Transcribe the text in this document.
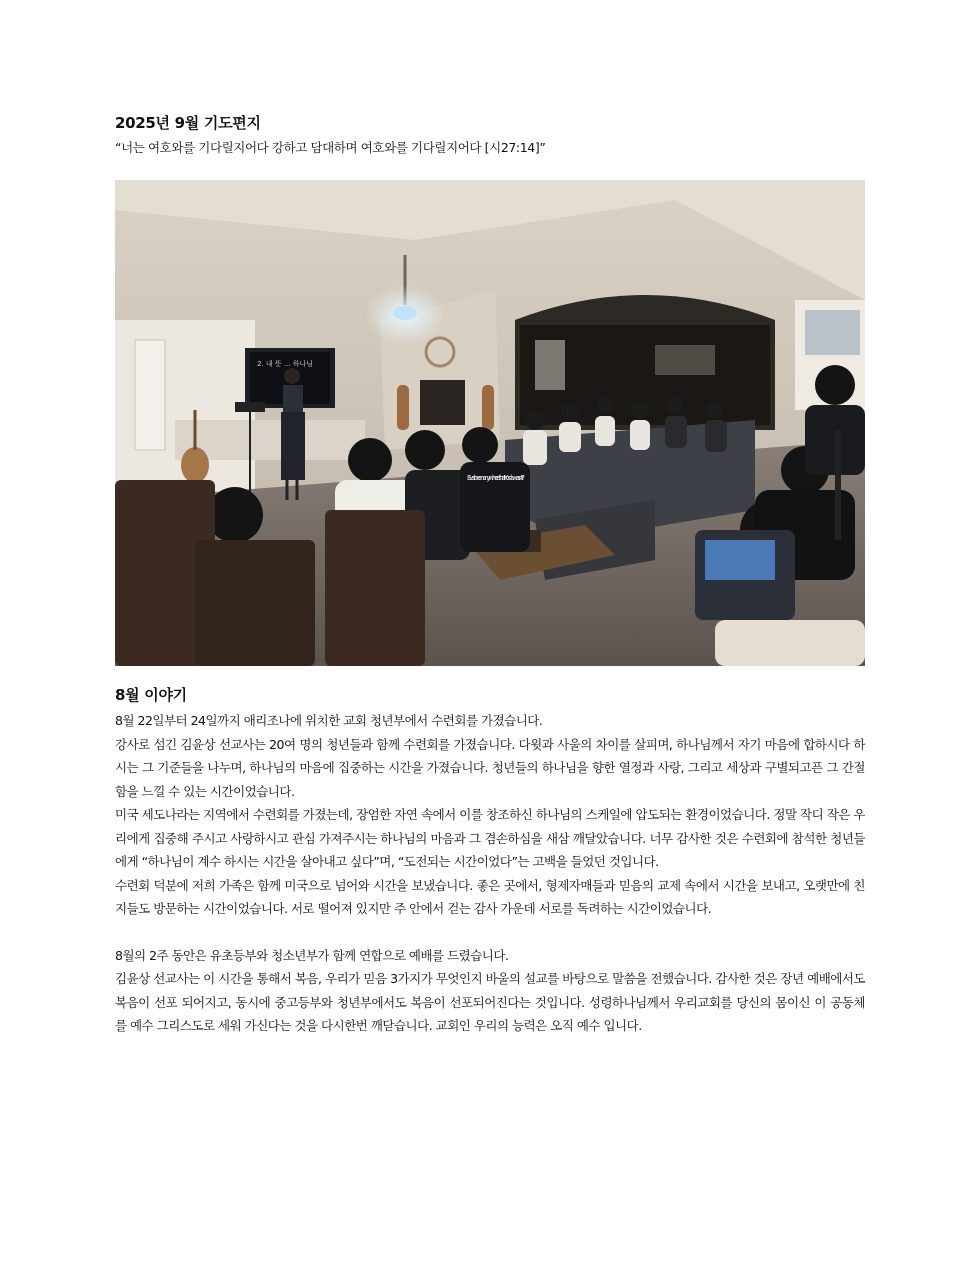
2025년 9월 기도편지

“너는 여호와를 기다릴지어다 강하고 담대하며 여호와를 기다릴지어다 [시27:14]”

2. 내 뜻 ... 하나님
Ever been anywhere that Koda wasn't?
8월 이야기

8월 22일부터 24일까지 애리조나에 위치한 교회 청년부에서 수련회를 가졌습니다.

강사로 섬긴 김윤상 선교사는 20여 명의 청년들과 함께 수련회를 가졌습니다. 다윗과 사울의 차이를 살피며, 하나님께서 자기 마음에 합하시다 하시는 그 기준들을 나누며, 하나님의 마음에 집중하는 시간을 가졌습니다. 청년들의 하나님을 향한 열정과 사랑, 그리고 세상과 구별되고픈 그 간절함을 느낄 수 있는 시간이었습니다.

미국 세도나라는 지역에서 수련회를 가졌는데, 장엄한 자연 속에서 이를 창조하신 하나님의 스케일에 압도되는 환경이었습니다. 정말 작디 작은 우리에게 집중해 주시고 사랑하시고 관심 가져주시는 하나님의 마음과 그 겸손하심을 새삼 깨달았습니다. 너무 감사한 것은 수련회에 참석한 청년들에게 “하나님이 계수 하시는 시간을 살아내고 싶다”며, “도전되는 시간이었다”는 고백을 들었던 것입니다.

수련회 덕분에 저희 가족은 함께 미국으로 넘어와 시간을 보냈습니다. 좋은 곳에서, 형제자매들과 믿음의 교제 속에서 시간을 보내고, 오랫만에 친지들도 방문하는 시간이었습니다. 서로 떨어져 있지만 주 안에서 걷는 감사 가운데 서로를 독려하는 시간이었습니다.

8월의 2주 동안은 유초등부와 청소년부가 함께 연합으로 예배를 드렸습니다.

김윤상 선교사는 이 시간을 통해서 복음, 우리가 믿음 3가지가 무엇인지 바울의 설교를 바탕으로 말씀을 전했습니다. 감사한 것은 장년 예배에서도 복음이 선포 되어지고, 동시에 중고등부와 청년부에서도 복음이 선포되어진다는 것입니다. 성령하나님께서 우리교회를 당신의 몸이신 이 공동체를 예수 그리스도로 세워 가신다는 것을 다시한번 깨닫습니다. 교회인 우리의 능력은 오직 예수 입니다.
